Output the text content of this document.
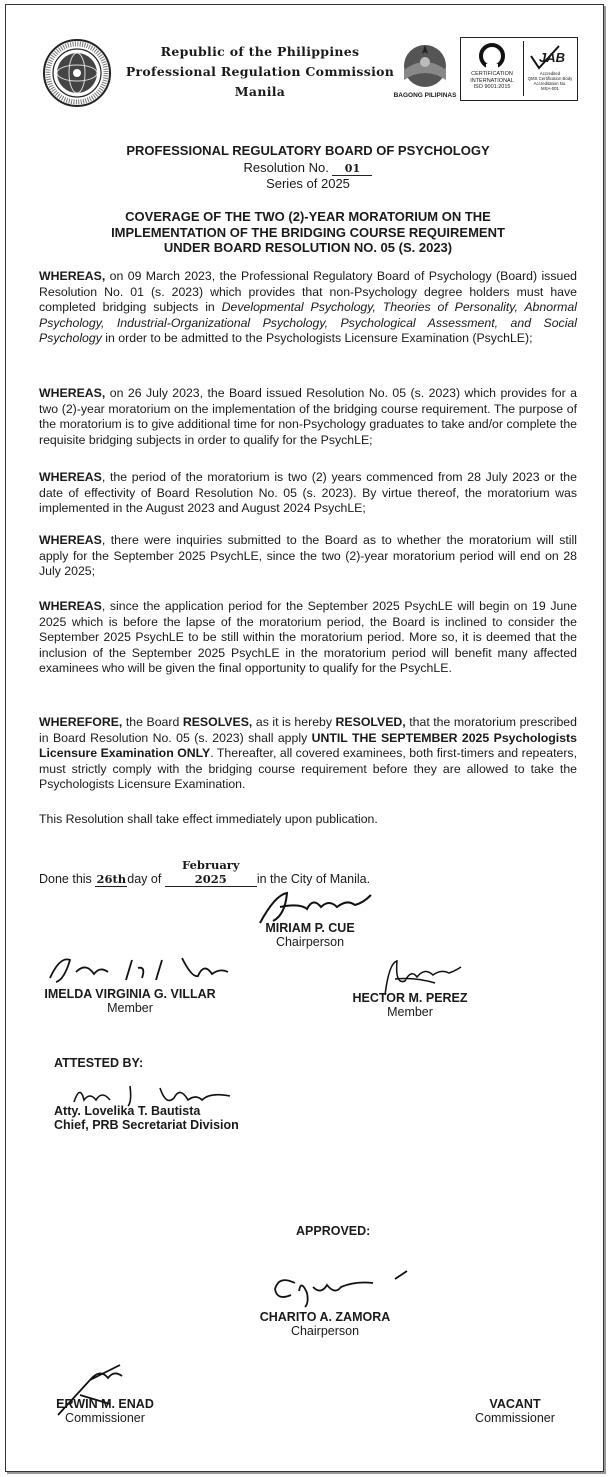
Republic of the Philippines
Professional Regulation Commission
Manila	BAGONG PILIPINAS
CERTIFICATION
INTERNATIONAL
ISO 9001:2015
JAB
Accredited
QMS Certification Body
Accreditation No.
MSA-001
PROFESSIONAL REGULATORY BOARD OF PSYCHOLOGY
Resolution No. 01
Series of 2025
COVERAGE OF THE TWO (2)-YEAR MORATORIUM ON THE
IMPLEMENTATION OF THE BRIDGING COURSE REQUIREMENT
UNDER BOARD RESOLUTION NO. 05 (S. 2023)
WHEREAS, on 09 March 2023, the Professional Regulatory Board of Psychology (Board) issued Resolution No. 01 (s. 2023) which provides that non-Psychology degree holders must have completed bridging subjects in Developmental Psychology, Theories of Personality, Abnormal Psychology, Industrial-Organizational Psychology, Psychological Assessment, and Social Psychology in order to be admitted to the Psychologists Licensure Examination (PsychLE);
WHEREAS, on 26 July 2023, the Board issued Resolution No. 05 (s. 2023) which provides for a two (2)-year moratorium on the implementation of the bridging course requirement. The purpose of the moratorium is to give additional time for non-Psychology graduates to take and/or complete the requisite bridging subjects in order to qualify for the PsychLE;
WHEREAS, the period of the moratorium is two (2) years commenced from 28 July 2023 or the date of effectivity of Board Resolution No. 05 (s. 2023). By virtue thereof, the moratorium was implemented in the August 2023 and August 2024 PsychLE;
WHEREAS, there were inquiries submitted to the Board as to whether the moratorium will still apply for the September 2025 PsychLE, since the two (2)-year moratorium period will end on 28 July 2025;
WHEREAS, since the application period for the September 2025 PsychLE will begin on 19 June 2025 which is before the lapse of the moratorium period, the Board is inclined to consider the September 2025 PsychLE to be still within the moratorium period. More so, it is deemed that the inclusion of the September 2025 PsychLE in the moratorium period will benefit many affected examinees who will be given the final opportunity to qualify for the PsychLE.
WHEREFORE, the Board RESOLVES, as it is hereby RESOLVED, that the moratorium prescribed in Board Resolution No. 05 (s. 2023) shall apply UNTIL THE SEPTEMBER 2025 Psychologists Licensure Examination ONLY. Thereafter, all covered examinees, both first-timers and repeaters, must strictly comply with the bridging course requirement before they are allowed to take the Psychologists Licensure Examination.
This Resolution shall take effect immediately upon publication.
Done this 26thday of February 2025 in the City of Manila.
MIRIAM P. CUE
Chairperson
IMELDA VIRGINIA G. VILLAR
Member
HECTOR M. PEREZ
Member
ATTESTED BY:
Atty. Lovelika T. Bautista
Chief, PRB Secretariat Division
APPROVED:
CHARITO A. ZAMORA
Chairperson
ERWIN M. ENAD
Commissioner
VACANT
Commissioner
